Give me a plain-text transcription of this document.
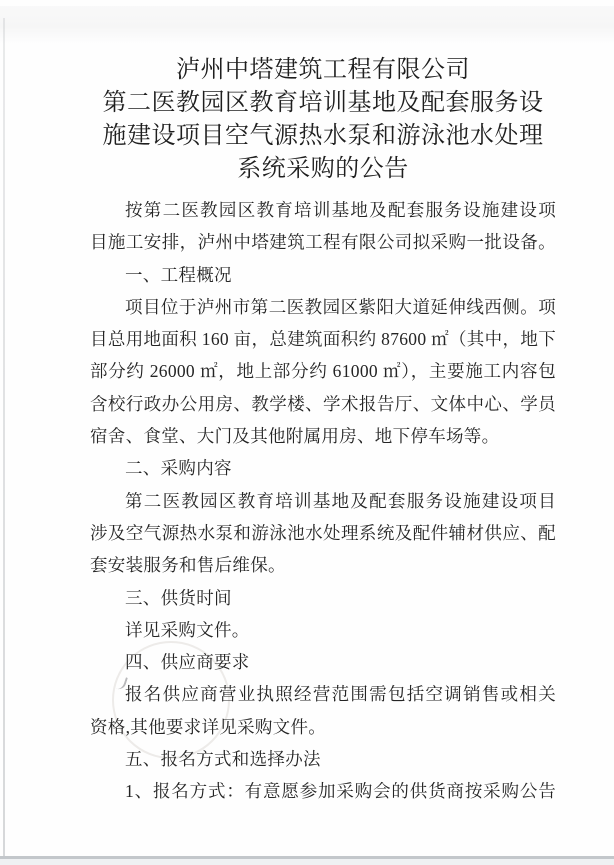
泸州中塔建筑工程有限公司
第二医教园区教育培训基地及配套服务设
施建设项目空气源热水泵和游泳池水处理
系统采购的公告
按第二医教园区教育培训基地及配套服务设施建设项
目施工安排，泸州中塔建筑工程有限公司拟采购一批设备。
一、工程概况
项目位于泸州市第二医教园区紫阳大道延伸线西侧。项
目总用地面积 160 亩，总建筑面积约 87600 ㎡（其中，地下
部分约 26000 ㎡，地上部分约 61000 ㎡），主要施工内容包
含校行政办公用房、教学楼、学术报告厅、文体中心、学员
宿舍、食堂、大门及其他附属用房、地下停车场等。
二、采购内容
第二医教园区教育培训基地及配套服务设施建设项目
涉及空气源热水泵和游泳池水处理系统及配件辅材供应、配
套安装服务和售后维保。
三、供货时间
详见采购文件。
四、供应商要求
报名供应商营业执照经营范围需包括空调销售或相关
资格,其他要求详见采购文件。
五、报名方式和选择办法
1、报名方式：有意愿参加采购会的供货商按采购公告
